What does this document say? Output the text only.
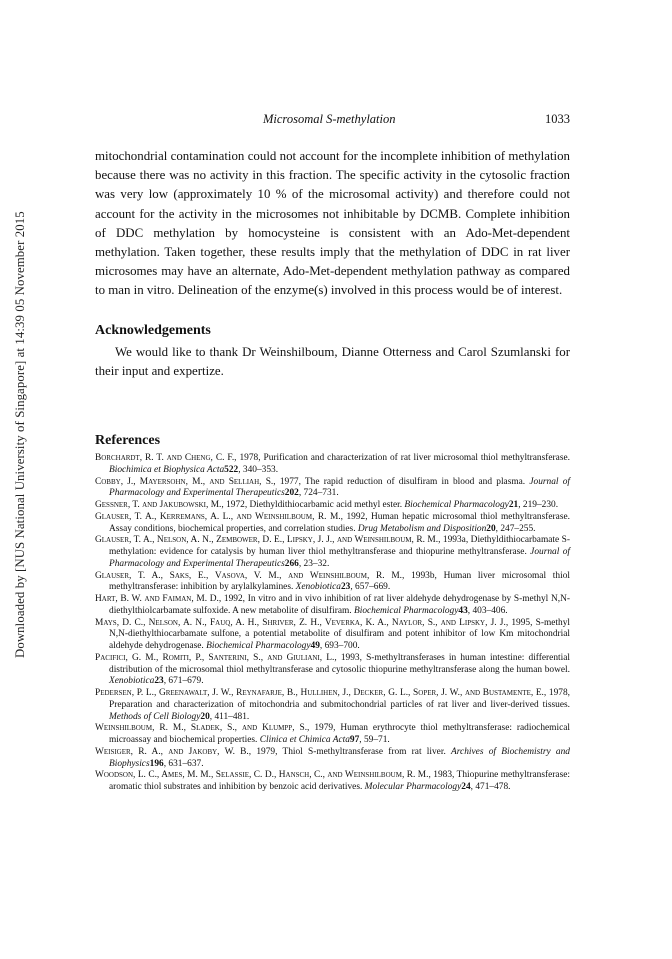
Microsomal S-methylation	1033
Downloaded by [NUS National University of Singapore] at 14:39 05 November 2015

mitochondrial contamination could not account for the incomplete inhibition of methylation because there was no activity in this fraction. The specific activity in the cytosolic fraction was very low (approximately 10 % of the microsomal activity) and therefore could not account for the activity in the microsomes not inhibitable by DCMB. Complete inhibition of DDC methylation by homocysteine is consistent with an Ado-Met-dependent methylation. Taken together, these results imply that the methylation of DDC in rat liver microsomes may have an alternate, Ado-Met-dependent methylation pathway as compared to man in vitro. Delineation of the enzyme(s) involved in this process would be of interest.

Acknowledgements

We would like to thank Dr Weinshilboum, Dianne Otterness and Carol Szumlanski for their input and expertize.

References

Borchardt, R. T. and Cheng, C. F., 1978, Purification and characterization of rat liver microsomal thiol methyltransferase. Biochimica et Biophysica Acta522, 340–353.

Cobby, J., Mayersohn, M., and Selliah, S., 1977, The rapid reduction of disulfiram in blood and plasma. Journal of Pharmacology and Experimental Therapeutics202, 724–731.

Gessner, T. and Jakubowski, M., 1972, Diethyldithiocarbamic acid methyl ester. Biochemical Pharmacology21, 219–230.

Glauser, T. A., Kerremans, A. L., and Weinshilboum, R. M., 1992, Human hepatic microsomal thiol methyltransferase. Assay conditions, biochemical properties, and correlation studies. Drug Metabolism and Disposition20, 247–255.

Glauser, T. A., Nelson, A. N., Zembower, D. E., Lipsky, J. J., and Weinshilboum, R. M., 1993a, Diethyldithiocarbamate S-methylation: evidence for catalysis by human liver thiol methyltransferase and thiopurine methyltransferase. Journal of Pharmacology and Experimental Therapeutics266, 23–32.

Glauser, T. A., Saks, E., Vasova, V. M., and Weinshilboum, R. M., 1993b, Human liver microsomal thiol methyltransferase: inhibition by arylalkylamines. Xenobiotica23, 657–669.

Hart, B. W. and Faiman, M. D., 1992, In vitro and in vivo inhibition of rat liver aldehyde dehydrogenase by S-methyl N,N-diethylthiolcarbamate sulfoxide. A new metabolite of disulfiram. Biochemical Pharmacology43, 403–406.

Mays, D. C., Nelson, A. N., Fauq, A. H., Shriver, Z. H., Veverka, K. A., Naylor, S., and Lipsky, J. J., 1995, S-methyl N,N-diethylthiocarbamate sulfone, a potential metabolite of disulfiram and potent inhibitor of low Km mitochondrial aldehyde dehydrogenase. Biochemical Pharmacology49, 693–700.

Pacifici, G. M., Romiti, P., Santerini, S., and Giuliani, L., 1993, S-methyltransferases in human intestine: differential distribution of the microsomal thiol methyltransferase and cytosolic thiopurine methyltransferase along the human bowel. Xenobiotica23, 671–679.

Pedersen, P. L., Greenawalt, J. W., Reynafarje, B., Hullihen, J., Decker, G. L., Soper, J. W., and Bustamente, E., 1978, Preparation and characterization of mitochondria and submitochondrial particles of rat liver and liver-derived tissues. Methods of Cell Biology20, 411–481.

Weinshilboum, R. M., Sladek, S., and Klumpp, S., 1979, Human erythrocyte thiol methyltransferase: radiochemical microassay and biochemical properties. Clinica et Chimica Acta97, 59–71.

Weisiger, R. A., and Jakoby, W. B., 1979, Thiol S-methyltransferase from rat liver. Archives of Biochemistry and Biophysics196, 631–637.

Woodson, L. C., Ames, M. M., Selassie, C. D., Hansch, C., and Weinshilboum, R. M., 1983, Thiopurine methyltransferase: aromatic thiol substrates and inhibition by benzoic acid derivatives. Molecular Pharmacology24, 471–478.
